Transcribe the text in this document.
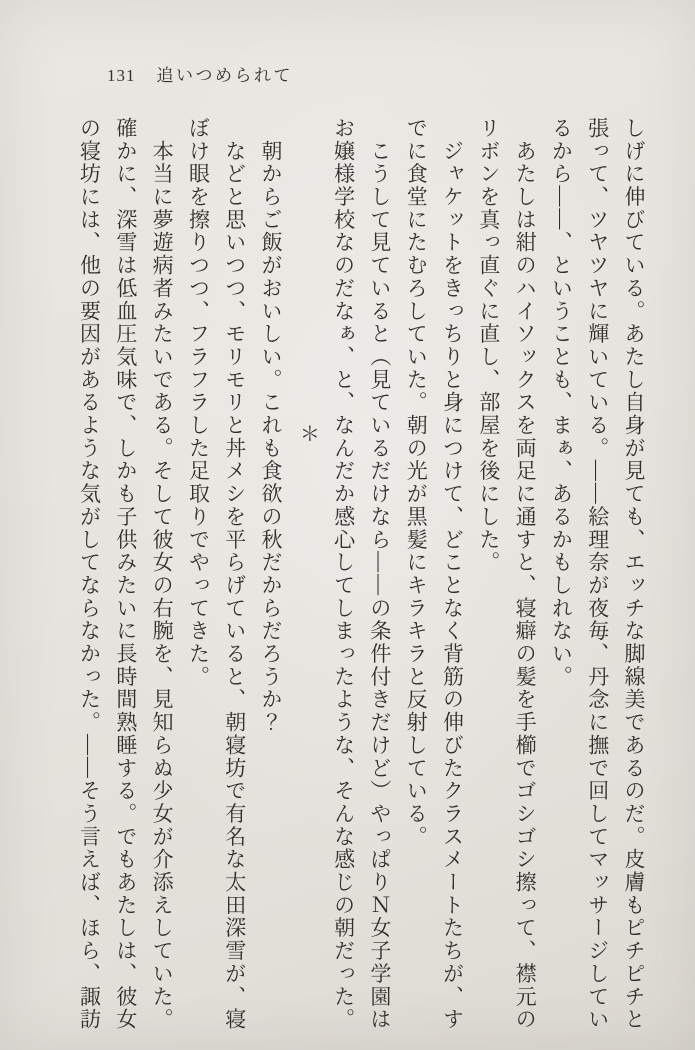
131 追いつめられて
しげに伸びている。あたし自身が見ても、エッチな脚線美であるのだ。皮膚もピチピチと
張って、ツヤツヤに輝いている。――絵理奈が夜毎、丹念に撫で回してマッサージしてい
るから――、ということも、まぁ、あるかもしれない。
　あたしは紺のハイソックスを両足に通すと、寝癖の髪を手櫛でゴシゴシ擦って、襟元の
リボンを真っ直ぐに直し、部屋を後にした。
　ジャケットをきっちりと身につけて、どことなく背筋の伸びたクラスメートたちが、す
でに食堂にたむろしていた。朝の光が黒髪にキラキラと反射している。
　こうして見ていると（見ているだけなら――の条件付きだけど）やっぱりＮ女子学園は
お嬢様学校なのだなぁ、と、なんだか感心してしまったような、そんな感じの朝だった。
＊
　朝からご飯がおいしい。これも食欲の秋だからだろうか？
　などと思いつつ、モリモリと丼メシを平らげていると、朝寝坊で有名な太田深雪が、寝
ぼけ眼を擦りつつ、フラフラした足取りでやってきた。
　本当に夢遊病者みたいである。そして彼女の右腕を、見知らぬ少女が介添えしていた。
確かに、深雪は低血圧気味で、しかも子供みたいに長時間熟睡する。でもあたしは、彼女
の寝坊には、他の要因があるような気がしてならなかった。――そう言えば、ほら、諏訪
